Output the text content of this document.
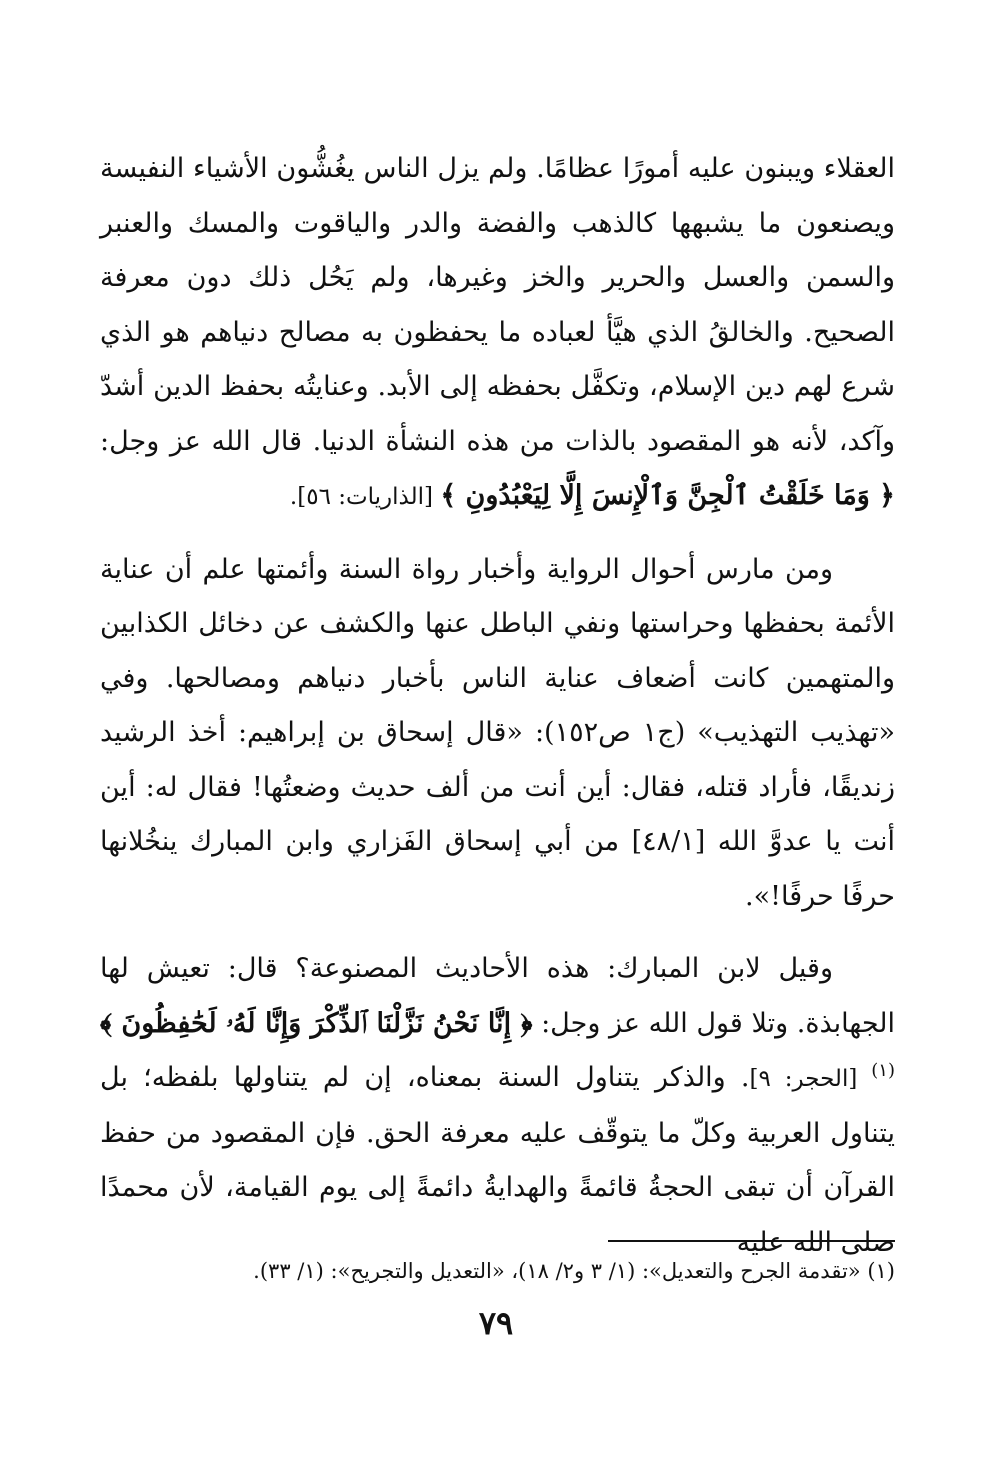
العقلاء ويبنون عليه أمورًا عظامًا. ولم يزل الناس يغُشُّون الأشياء النفيسة ويصنعون ما يشبهها كالذهب والفضة والدر والياقوت والمسك والعنبر والسمن والعسل والحرير والخز وغيرها، ولم يَحُل ذلك دون معرفة الصحيح. والخالقُ الذي هيَّأ لعباده ما يحفظون به مصالح دنياهم هو الذي شرع لهم دين الإسلام، وتكفَّل بحفظه إلى الأبد. وعنايتُه بحفظ الدين أشدّ وآكد، لأنه هو المقصود بالذات من هذه النشأة الدنيا. قال الله عز وجل: ﴿ وَمَا خَلَقْتُ ٱلْجِنَّ وَٱلْإِنسَ إِلَّا لِيَعْبُدُونِ ﴾ [الذاريات: ٥٦].

ومن مارس أحوال الرواية وأخبار رواة السنة وأئمتها علم أن عناية الأئمة بحفظها وحراستها ونفي الباطل عنها والكشف عن دخائل الكذابين والمتهمين كانت أضعاف عناية الناس بأخبار دنياهم ومصالحها. وفي «تهذيب التهذيب» (ج١ ص١٥٢): «قال إسحاق بن إبراهيم: أخذ الرشيد زنديقًا، فأراد قتله، فقال: أين أنت من ألف حديث وضعتُها! فقال له: أين أنت يا عدوَّ الله [٤٨/١] من أبي إسحاق الفَزاري وابن المبارك ينخُلانها حرفًا حرفًا!».

وقيل لابن المبارك: هذه الأحاديث المصنوعة؟ قال: تعيش لها الجهابذة. وتلا قول الله عز وجل: ﴿ إِنَّا نَحْنُ نَزَّلْنَا ٱلذِّكْرَ وَإِنَّا لَهُۥ لَحَٰفِظُونَ ﴾$^{(١)}$ [الحجر: ٩]. والذكر يتناول السنة بمعناه، إن لم يتناولها بلفظه؛ بل يتناول العربية وكلّ ما يتوقّف عليه معرفة الحق. فإن المقصود من حفظ القرآن أن تبقى الحجةُ قائمةً والهدايةُ دائمةً إلى يوم القيامة، لأن محمدًا صلى الله عليه

(١) «تقدمة الجرح والتعديل»: (١/ ٣ و٢/ ١٨)، «التعديل والتجريح»: (١/ ٣٣).
٧٩
